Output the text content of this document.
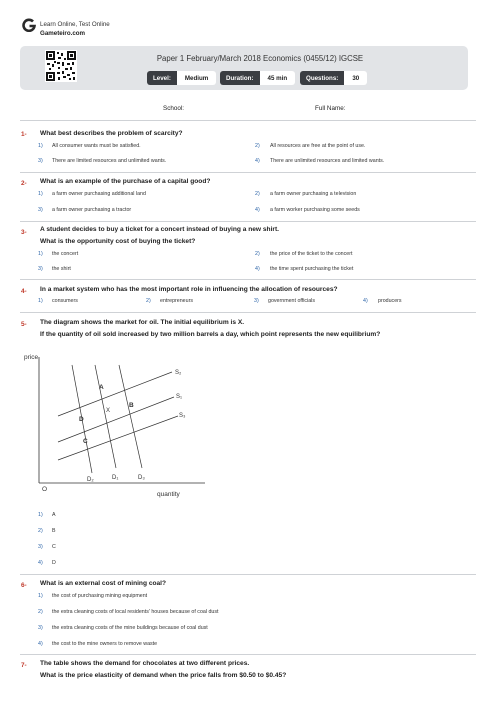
Learn Online, Test Online
Gameteiro.com
Paper 1 February/March 2018 Economics (0455/12) IGCSE
Level:	Medium	Duration:	45 min	Questions:	30
School:	Full Name:
1- What best describes the problem of scarcity?
1) All consumer wants must be satisfied.	2) All resources are free at the point of use.
3) There are limited resources and unlimited wants.	4) There are unlimited resources and limited wants.
2- What is an example of the purchase of a capital good?
1) a farm owner purchasing additional land	2) a farm owner purchasing a television
3) a farm owner purchasing a tractor	4) a farm worker purchasing some seeds
3- A student decides to buy a ticket for a concert instead of buying a new shirt.
What is the opportunity cost of buying the ticket?
1) the concert	2) the price of the ticket to the concert
3) the shirt	4) the time spent purchasing the ticket
4- In a market system who has the most important role in influencing the allocation of resources?
1) consumers	2) entrepreneurs	3) government officials	4) producers
5- The diagram shows the market for oil. The initial equilibrium is X.
If the quantity of oil sold increased by two million barrels a day, which point represents the new equilibrium?
price
quantity
O
S₂
S₁
S₃
D₂	D₁	D₃
A
X
B
D
C
1) A
2) B
3) C
4) D
6- What is an external cost of mining coal?
1) the cost of purchasing mining equipment
2) the extra cleaning costs of local residents' houses because of coal dust
3) the extra cleaning costs of the mine buildings because of coal dust
4) the cost to the mine owners to remove waste
7- The table shows the demand for chocolates at two different prices.
What is the price elasticity of demand when the price falls from $0.50 to $0.45?
